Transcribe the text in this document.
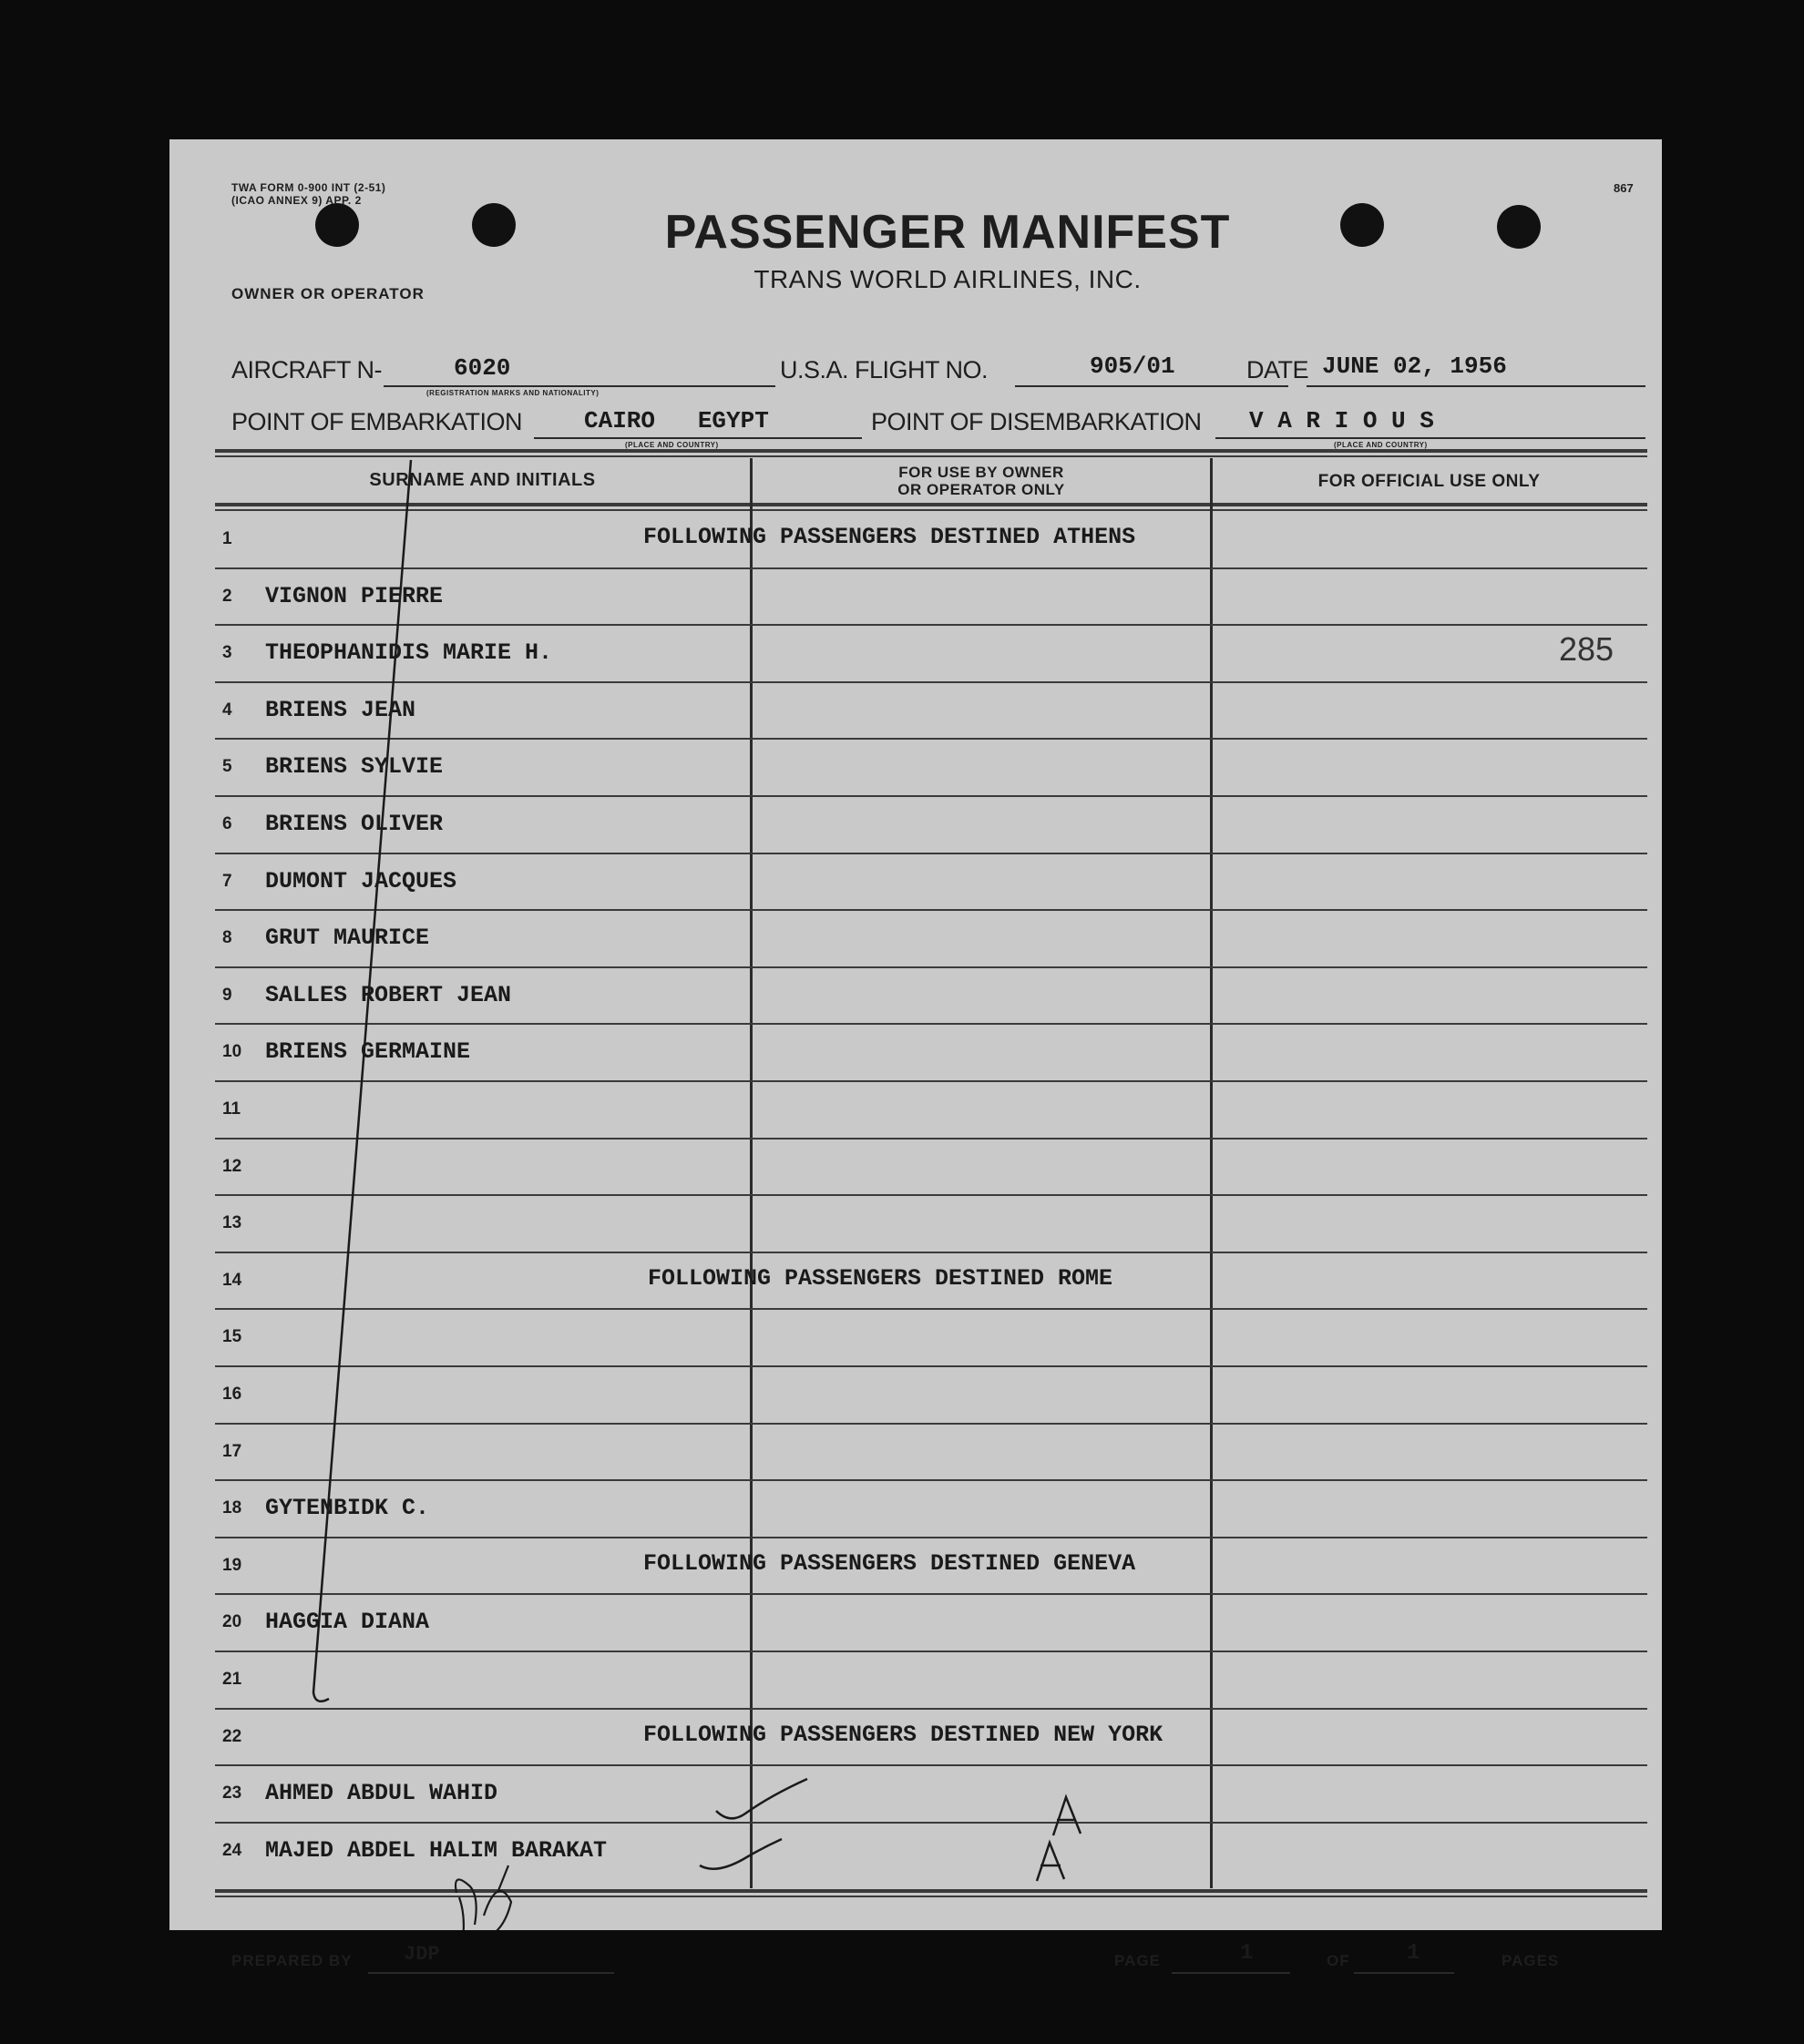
TWA FORM 0-900 INT (2-51)
(ICAO ANNEX 9) APP. 2
867
PASSENGER MANIFEST
TRANS WORLD AIRLINES, INC.
OWNER OR OPERATOR
AIRCRAFT N-	6020
(REGISTRATION MARKS AND NATIONALITY)
U.S.A. FLIGHT NO.	905/01	DATE JUNE 02, 1956
POINT OF EMBARKATION	CAIRO   EGYPT
(PLACE AND COUNTRY)
POINT OF DISEMBARKATION V A R I O U S
(PLACE AND COUNTRY)
SURNAME AND INITIALS	FOR USE BY OWNER
OR OPERATOR ONLY	FOR OFFICIAL USE ONLY
1	FOLLOWING PASSENGERS DESTINED ATHENS
2 VIGNON PIERRE
3 THEOPHANIDIS MARIE H.	285
4 BRIENS JEAN
5 BRIENS SYLVIE
6 BRIENS OLIVER
7 DUMONT JACQUES
8 GRUT MAURICE
9 SALLES ROBERT JEAN
10 BRIENS GERMAINE
11
12
13
14	FOLLOWING PASSENGERS DESTINED ROME
15
16
17
18 GYTENBIDK C.
19	FOLLOWING PASSENGERS DESTINED GENEVA
20 HAGGIA DIANA
21
22	FOLLOWING PASSENGERS DESTINED NEW YORK
23 AHMED ABDUL WAHID
24 MAJED ABDEL HALIM BARAKAT
PREPARED BY	JDP	PAGE	1	OF	1	PAGES
